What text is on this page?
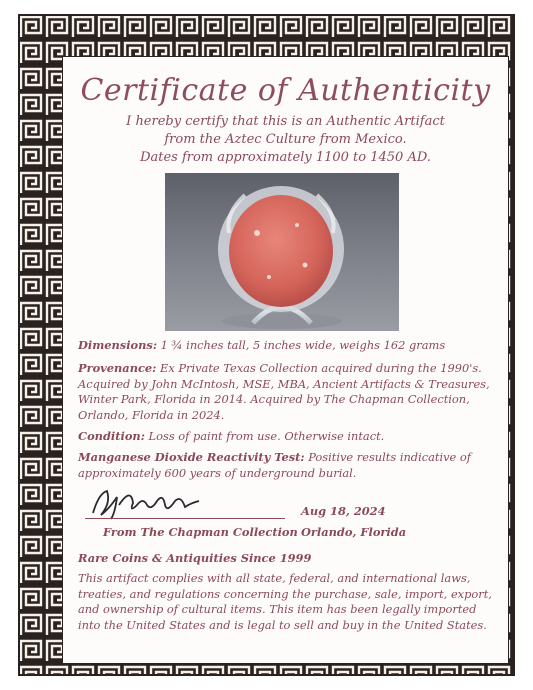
Certificate of Authenticity
I hereby certify that this is an Authentic Artifact
from the Aztec Culture from Mexico.
Dates from approximately 1100 to 1450 AD.
Dimensions: 1 ¾ inches tall, 5 inches wide, weighs 162 grams
Provenance: Ex Private Texas Collection acquired during the 1990's. Acquired by John McIntosh, MSE, MBA, Ancient Artifacts & Treasures, Winter Park, Florida in 2014. Acquired by The Chapman Collection, Orlando, Florida in 2024.
Condition: Loss of paint from use. Otherwise intact.
Manganese Dioxide Reactivity Test: Positive results indicative of approximately 600 years of underground burial.
Aug 18, 2024
From The Chapman Collection Orlando, Florida
Rare Coins & Antiquities Since 1999
This artifact complies with all state, federal, and international laws, treaties, and regulations concerning the purchase, sale, import, export, and ownership of cultural items. This item has been legally imported into the United States and is legal to sell and buy in the United States.
